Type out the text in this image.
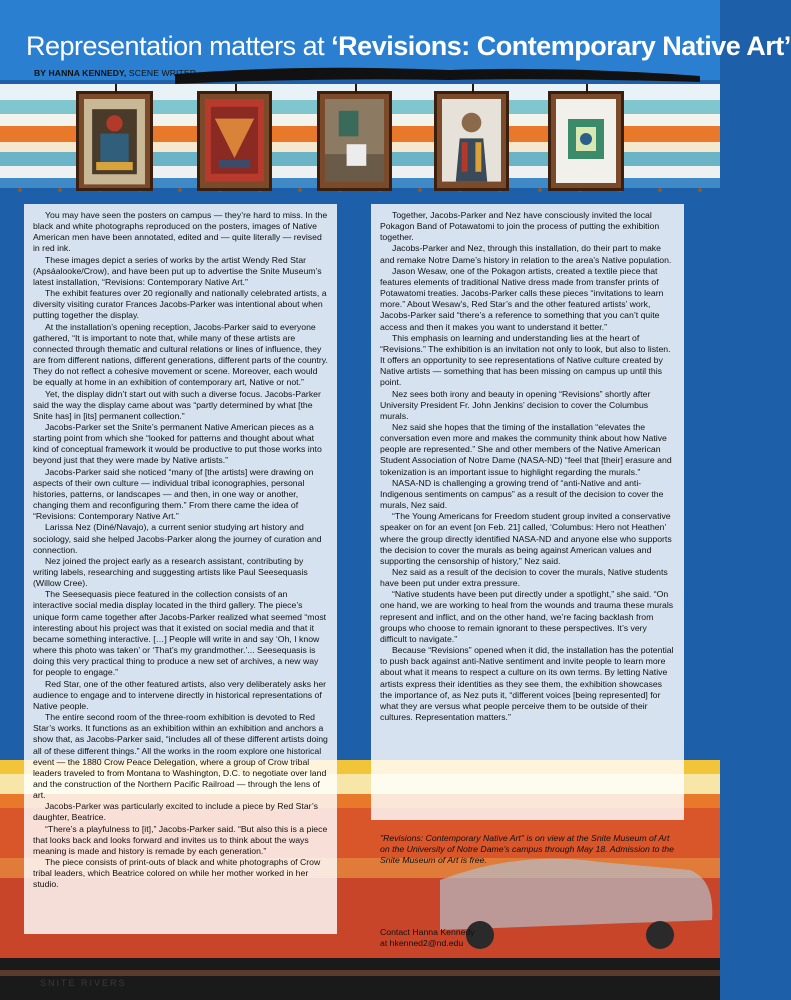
Representation matters at ‘Revisions: Contemporary Native Art’
BY HANNA KENNEDY, SCENE WRITER

You may have seen the posters on campus — they’re hard to miss. In the black and white photographs reproduced on the posters, images of Native American men have been annotated, edited and — quite literally — revised in red ink.

These images depict a series of works by the artist Wendy Red Star (Apsáalooke/Crow), and have been put up to advertise the Snite Museum’s latest installation, “Revisions: Contemporary Native Art.”

The exhibit features over 20 regionally and nationally celebrated artists, a diversity visiting curator Frances Jacobs-Parker was intentional about when putting together the display.

At the installation’s opening reception, Jacobs-Parker said to everyone gathered, “It is important to note that, while many of these artists are connected through thematic and cultural relations or lines of influence, they are from different nations, different generations, different parts of the country. They do not reflect a cohesive movement or scene. Moreover, each would be equally at home in an exhibition of contemporary art, Native or not.”

Yet, the display didn’t start out with such a diverse focus. Jacobs-Parker said the way the display came about was “partly determined by what [the Snite has] in [its] permanent collection.”

Jacobs-Parker set the Snite’s permanent Native American pieces as a starting point from which she “looked for patterns and thought about what kind of conceptual framework it would be productive to put those works into beyond just that they were made by Native artists.”

Jacobs-Parker said she noticed “many of [the artists] were drawing on aspects of their own culture — individual tribal iconographies, personal histories, patterns, or landscapes — and then, in one way or another, changing them and reconfiguring them.” From there came the idea of “Revisions: Contemporary Native Art.”

Larissa Nez (Diné/Navajo), a current senior studying art history and sociology, said she helped Jacobs-Parker along the journey of curation and connection.

Nez joined the project early as a research assistant, contributing by writing labels, researching and suggesting artists like Paul Seesequasis (Willow Cree).

The Seesequasis piece featured in the collection consists of an interactive social media display located in the third gallery. The piece’s unique form came together after Jacobs-Parker realized what seemed “most interesting about his project was that it existed on social media and that it became something interactive. […] People will write in and say ‘Oh, I know where this photo was taken’ or ‘That’s my grandmother.’... Seesequasis is doing this very practical thing to produce a new set of archives, a new way for people to engage.”

Red Star, one of the other featured artists, also very deliberately asks her audience to engage and to intervene directly in historical representations of Native people.

The entire second room of the three-room exhibition is devoted to Red Star’s works. It functions as an exhibition within an exhibition and anchors a show that, as Jacobs-Parker said, “includes all of these different artists doing all of these different things.” All the works in the room explore one historical event — the 1880 Crow Peace Delegation, where a group of Crow tribal leaders traveled to from Montana to Washington, D.C. to negotiate over land and the construction of the Northern Pacific Railroad — through the lens of art.

Jacobs-Parker was particularly excited to include a piece by Red Star’s daughter, Beatrice.

“There’s a playfulness to [it],” Jacobs-Parker said. “But also this is a piece that looks back and looks forward and invites us to think about the ways meaning is made and history is remade by each generation.”

The piece consists of print-outs of black and white photographs of Crow tribal leaders, which Beatrice colored on while her mother worked in her studio.

Together, Jacobs-Parker and Nez have consciously invited the local Pokagon Band of Potawatomi to join the process of putting the exhibition together.

Jacobs-Parker and Nez, through this installation, do their part to make and remake Notre Dame’s history in relation to the area’s Native population.

Jason Wesaw, one of the Pokagon artists, created a textile piece that features elements of traditional Native dress made from transfer prints of Potawatomi treaties. Jacobs-Parker calls these pieces “invitations to learn more.” About Wesaw’s, Red Star’s and the other featured artists’ work, Jacobs-Parker said “there’s a reference to something that you can’t quite access and then it makes you want to understand it better.”

This emphasis on learning and understanding lies at the heart of “Revisions.” The exhibition is an invitation not only to look, but also to listen. It offers an opportunity to see representations of Native culture created by Native artists — something that has been missing on campus up until this point.

Nez sees both irony and beauty in opening “Revisions” shortly after University President Fr. John Jenkins’ decision to cover the Columbus murals.

Nez said she hopes that the timing of the installation “elevates the conversation even more and makes the community think about how Native people are represented.” She and other members of the Native American Student Association of Notre Dame (NASA-ND) “feel that [their] erasure and tokenization is an important issue to highlight regarding the murals.”

NASA-ND is challenging a growing trend of “anti-Native and anti-Indigenous sentiments on campus” as a result of the decision to cover the murals, Nez said.

“The Young Americans for Freedom student group invited a conservative speaker on for an event [on Feb. 21] called, ‘Columbus: Hero not Heathen’ where the group directly identified NASA-ND and anyone else who supports the decision to cover the murals as being against American values and supporting the censorship of history,” Nez said.

Nez said as a result of the decision to cover the murals, Native students have been put under extra pressure.

“Native students have been put directly under a spotlight,” she said. “On one hand, we are working to heal from the wounds and trauma these murals represent and inflict, and on the other hand, we’re facing backlash from groups who choose to remain ignorant to these perspectives. It’s very difficult to navigate.”

Because “Revisions” opened when it did, the installation has the potential to push back against anti-Native sentiment and invite people to learn more about what it means to respect a culture on its own terms. By letting Native artists express their identities as they see them, the exhibition showcases the importance of, as Nez puts it, “different voices [being represented] for what they are versus what people perceive them to be outside of their cultures. Representation matters.”

"Revisions: Contemporary Native Art" is on view at the Snite Museum of Art on the University of Notre Dame's campus through May 18. Admission to the Snite Museum of Art is free.
Contact Hanna Kennedy
at hkenned2@nd.edu
SNITE RIVERS
